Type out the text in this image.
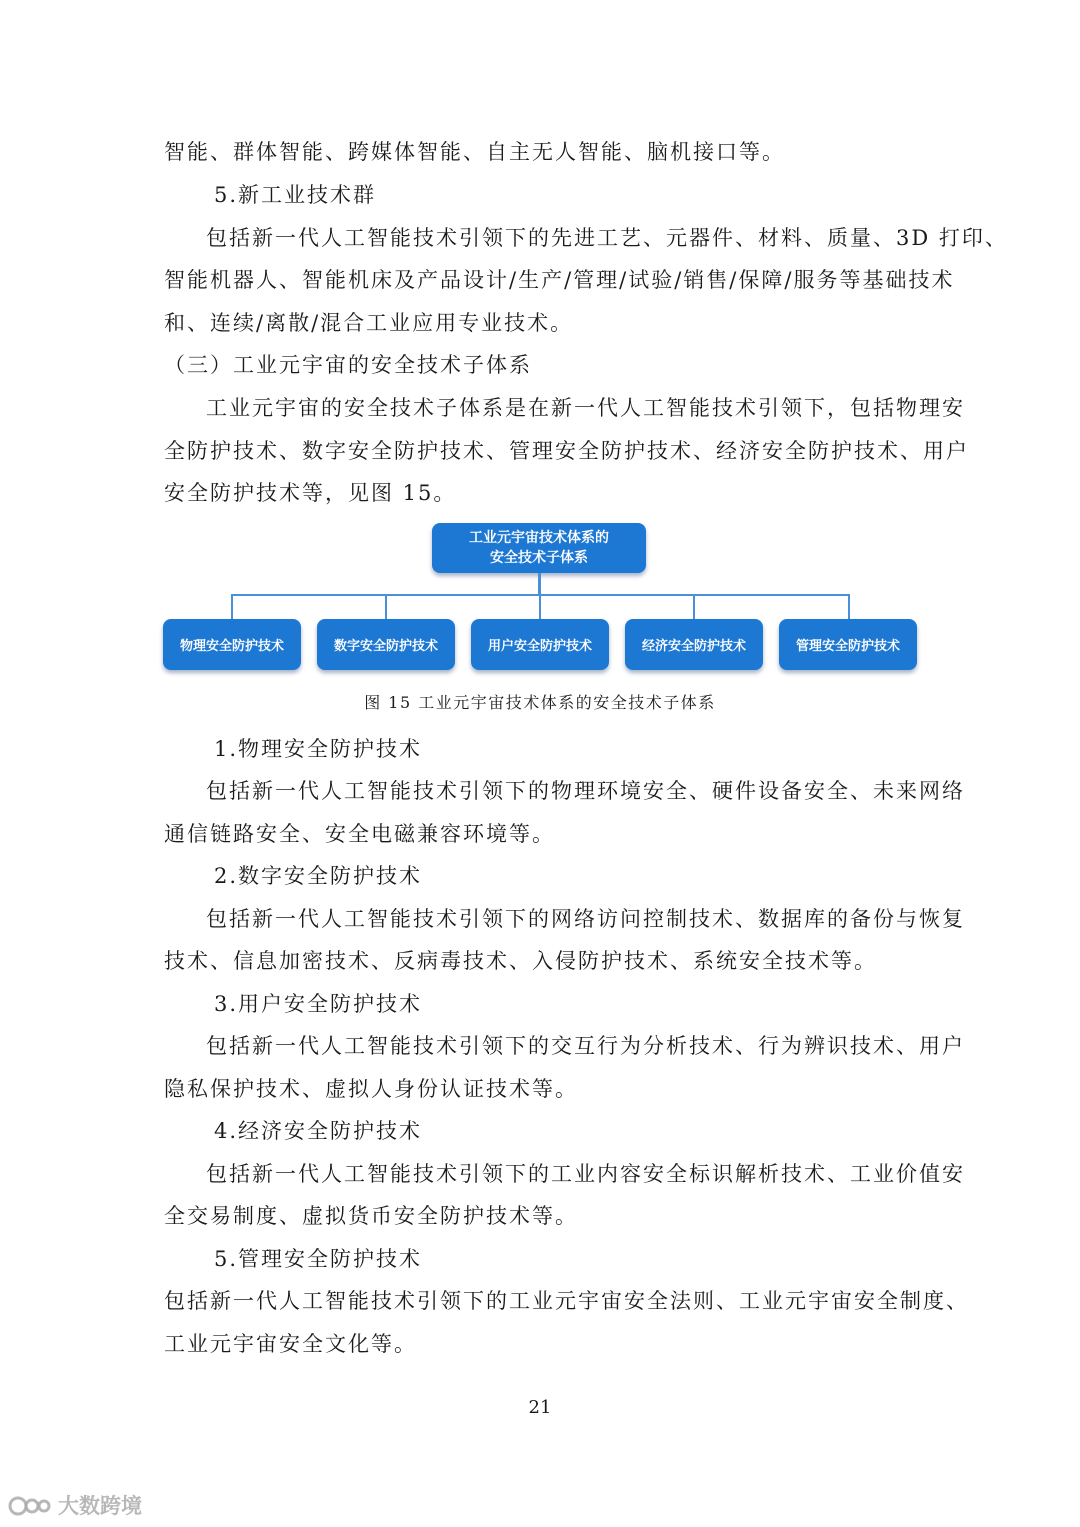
智能、群体智能、跨媒体智能、自主无人智能、脑机接口等。
5.新工业技术群
包括新一代人工智能技术引领下的先进工艺、元器件、材料、质量、3D 打印、
智能机器人、智能机床及产品设计/生产/管理/试验/销售/保障/服务等基础技术
和、连续/离散/混合工业应用专业技术。
（三）工业元宇宙的安全技术子体系
工业元宇宙的安全技术子体系是在新一代人工智能技术引领下，包括物理安
全防护技术、数字安全防护技术、管理安全防护技术、经济安全防护技术、用户
安全防护技术等，见图 15。
工业元宇宙技术体系的
安全技术子体系
物理安全防护技术	数字安全防护技术	用户安全防护技术	经济安全防护技术	管理安全防护技术
图 15 工业元宇宙技术体系的安全技术子体系
1.物理安全防护技术
包括新一代人工智能技术引领下的物理环境安全、硬件设备安全、未来网络
通信链路安全、安全电磁兼容环境等。
2.数字安全防护技术
包括新一代人工智能技术引领下的网络访问控制技术、数据库的备份与恢复
技术、信息加密技术、反病毒技术、入侵防护技术、系统安全技术等。
3.用户安全防护技术
包括新一代人工智能技术引领下的交互行为分析技术、行为辨识技术、用户
隐私保护技术、虚拟人身份认证技术等。
4.经济安全防护技术
包括新一代人工智能技术引领下的工业内容安全标识解析技术、工业价值安
全交易制度、虚拟货币安全防护技术等。
5.管理安全防护技术
包括新一代人工智能技术引领下的工业元宇宙安全法则、工业元宇宙安全制度、
工业元宇宙安全文化等。
21
大数跨境
